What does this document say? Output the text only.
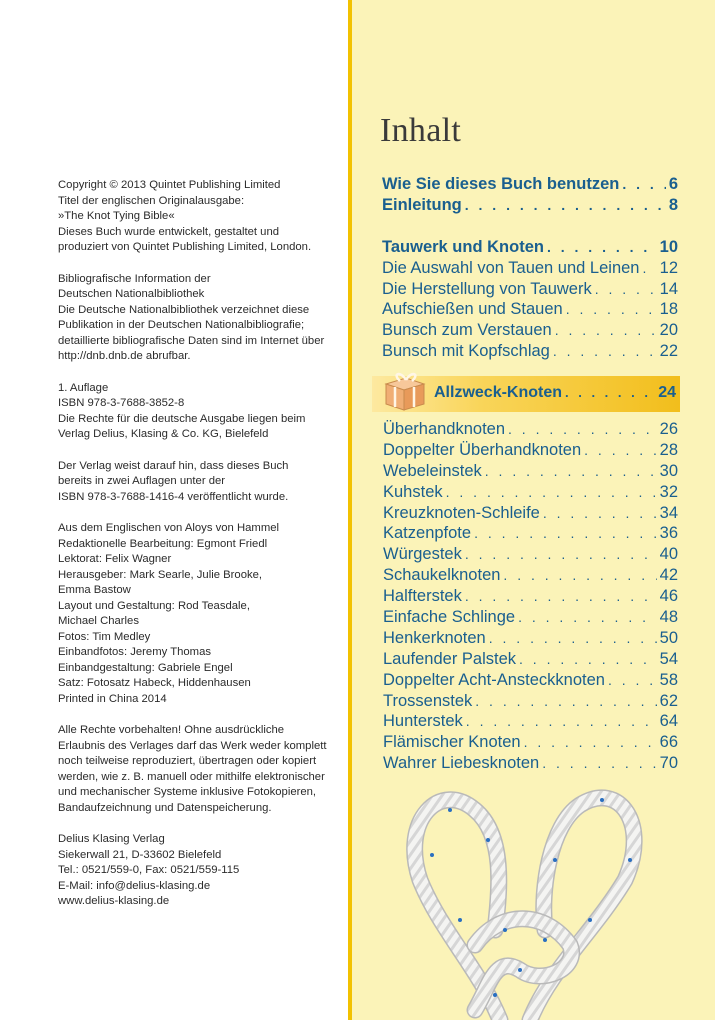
Copyright © 2013 Quintet Publishing Limited
Titel der englischen Originalausgabe:
»The Knot Tying Bible«
Dieses Buch wurde entwickelt, gestaltet und
produziert von Quintet Publishing Limited, London.
Bibliografische Information der
Deutschen Nationalbibliothek
Die Deutsche Nationalbibliothek verzeichnet diese
Publikation in der Deutschen Nationalbibliografie;
detaillierte bibliografische Daten sind im Internet über
http://dnb.dnb.de abrufbar.
1. Auflage
ISBN 978-3-7688-3852-8
Die Rechte für die deutsche Ausgabe liegen beim
Verlag Delius, Klasing & Co. KG, Bielefeld
Der Verlag weist darauf hin, dass dieses Buch
bereits in zwei Auflagen unter der
ISBN 978-3-7688-1416-4 veröffentlicht wurde.
Aus dem Englischen von Aloys von Hammel
Redaktionelle Bearbeitung: Egmont Friedl
Lektorat: Felix Wagner
Herausgeber: Mark Searle, Julie Brooke,
Emma Bastow
Layout und Gestaltung: Rod Teasdale,
Michael Charles
Fotos: Tim Medley
Einbandfotos: Jeremy Thomas
Einbandgestaltung: Gabriele Engel
Satz: Fotosatz Habeck, Hiddenhausen
Printed in China 2014
Alle Rechte vorbehalten! Ohne ausdrückliche
Erlaubnis des Verlages darf das Werk weder komplett
noch teilweise reproduziert, übertragen oder kopiert
werden, wie z. B. manuell oder mithilfe elektronischer
und mechanischer Systeme inklusive Fotokopieren,
Bandaufzeichnung und Datenspeicherung.
Delius Klasing Verlag
Siekerwall 21, D-33602 Bielefeld
Tel.: 0521/559-0, Fax: 0521/559-115
E-Mail: info@delius-klasing.de
www.delius-klasing.de
Inhalt
Wie Sie dieses Buch benutzen . . .	6
Einleitung . . .	8
Tauwerk und Knoten . . .	10
Die Auswahl von Tauen und Leinen . . . 12
Die Herstellung von Tauwerk . . .	14
Aufschießen und Stauen . . .	18
Bunsch zum Verstauen . . .	20
Bunsch mit Kopfschlag . . .	22
Allzweck-Knoten . . .	24
Überhandknoten . . .	26
Doppelter Überhandknoten . . .	28
Webeleinstek . . .	30
Kuhstek . . .	32
Kreuzknoten-Schleife . . .	34
Katzenpfote . . .	36
Würgestek . . .	40
Schaukelknoten . . .	42
Halfterstek . . .	46
Einfache Schlinge . . .	48
Henkerknoten . . .	50
Laufender Palstek . . .	54
Doppelter Acht-Ansteckknoten . . .	58
Trossenstek . . .	62
Hunterstek . . .	64
Flämischer Knoten . . .	66
Wahrer Liebesknoten . . .	70
